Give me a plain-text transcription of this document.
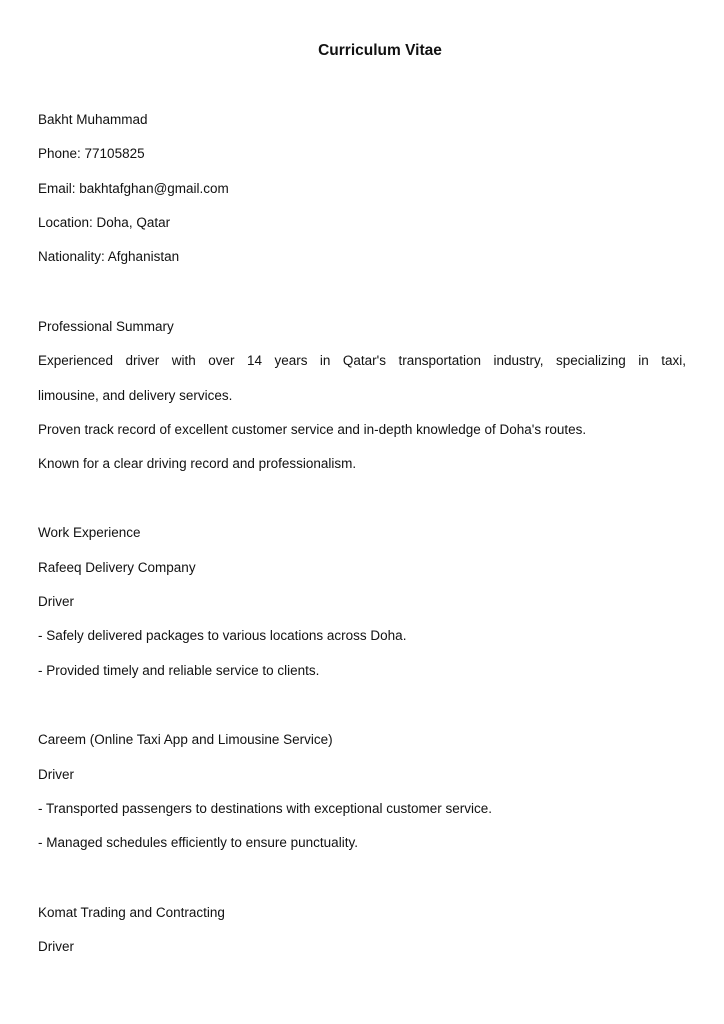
Curriculum Vitae
Bakht Muhammad
Phone: 77105825
Email: bakhtafghan@gmail.com
Location: Doha, Qatar
Nationality: Afghanistan
Professional Summary
Experienced driver with over 14 years in Qatar's transportation industry, specializing in taxi,
limousine, and delivery services.
Proven track record of excellent customer service and in-depth knowledge of Doha's routes.
Known for a clear driving record and professionalism.
Work Experience
Rafeeq Delivery Company
Driver
- Safely delivered packages to various locations across Doha.
- Provided timely and reliable service to clients.
Careem (Online Taxi App and Limousine Service)
Driver
- Transported passengers to destinations with exceptional customer service.
- Managed schedules efficiently to ensure punctuality.
Komat Trading and Contracting
Driver
